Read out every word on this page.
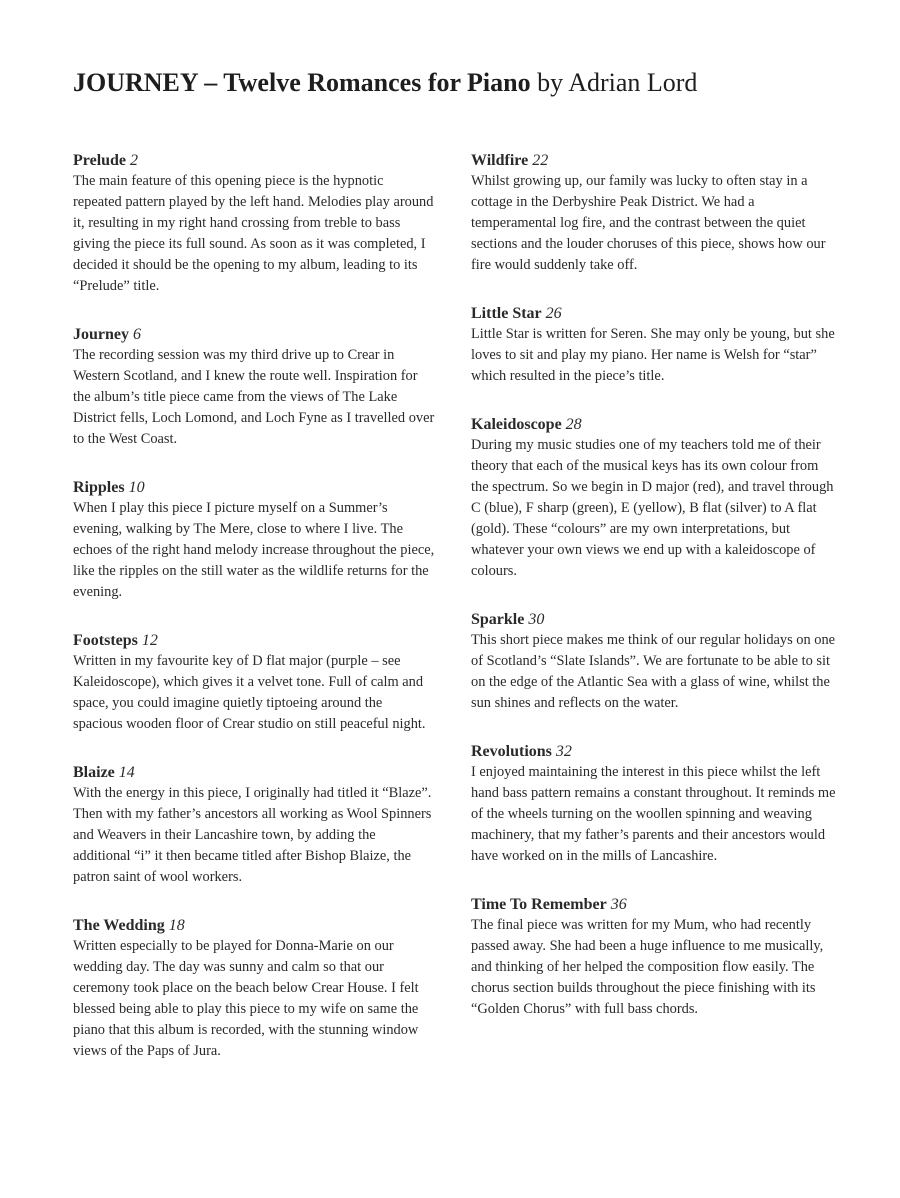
JOURNEY – Twelve Romances for Piano by Adrian Lord

Prelude 2

The main feature of this opening piece is the hypnotic repeated pattern played by the left hand. Melodies play around it, resulting in my right hand crossing from treble to bass giving the piece its full sound. As soon as it was completed, I decided it should be the opening to my album, leading to its “Prelude” title.

Journey 6

The recording session was my third drive up to Crear in Western Scotland, and I knew the route well. Inspiration for the album’s title piece came from the views of The Lake District fells, Loch Lomond, and Loch Fyne as I travelled over to the West Coast.

Ripples 10

When I play this piece I picture myself on a Summer’s evening, walking by The Mere, close to where I live. The echoes of the right hand melody increase throughout the piece, like the ripples on the still water as the wildlife returns for the evening.

Footsteps 12

Written in my favourite key of D flat major (purple – see Kaleidoscope), which gives it a velvet tone. Full of calm and space, you could imagine quietly tiptoeing around the spacious wooden floor of Crear studio on still peaceful night.

Blaize 14

With the energy in this piece, I originally had titled it “Blaze”. Then with my father’s ancestors all working as Wool Spinners and Weavers in their Lancashire town, by adding the additional “i” it then became titled after Bishop Blaize, the patron saint of wool workers.

The Wedding 18

Written especially to be played for Donna-Marie on our wedding day. The day was sunny and calm so that our ceremony took place on the beach below Crear House. I felt blessed being able to play this piece to my wife on same the piano that this album is recorded, with the stunning window views of the Paps of Jura.

Wildfire 22

Whilst growing up, our family was lucky to often stay in a cottage in the Derbyshire Peak District. We had a temperamental log fire, and the contrast between the quiet sections and the louder choruses of this piece, shows how our fire would suddenly take off.

Little Star 26

Little Star is written for Seren. She may only be young, but she loves to sit and play my piano. Her name is Welsh for “star” which resulted in the piece’s title.

Kaleidoscope 28

During my music studies one of my teachers told me of their theory that each of the musical keys has its own colour from the spectrum. So we begin in D major (red), and travel through C (blue), F sharp (green), E (yellow), B flat (silver) to A flat (gold). These “colours” are my own interpretations, but whatever your own views we end up with a kaleidoscope of colours.

Sparkle 30

This short piece makes me think of our regular holidays on one of Scotland’s “Slate Islands”. We are fortunate to be able to sit on the edge of the Atlantic Sea with a glass of wine, whilst the sun shines and reflects on the water.

Revolutions 32

I enjoyed maintaining the interest in this piece whilst the left hand bass pattern remains a constant throughout. It reminds me of the wheels turning on the woollen spinning and weaving machinery, that my father’s parents and their ancestors would have worked on in the mills of Lancashire.

Time To Remember 36

The final piece was written for my Mum, who had recently passed away. She had been a huge influence to me musically, and thinking of her helped the composition flow easily. The chorus section builds throughout the piece finishing with its “Golden Chorus” with full bass chords.
